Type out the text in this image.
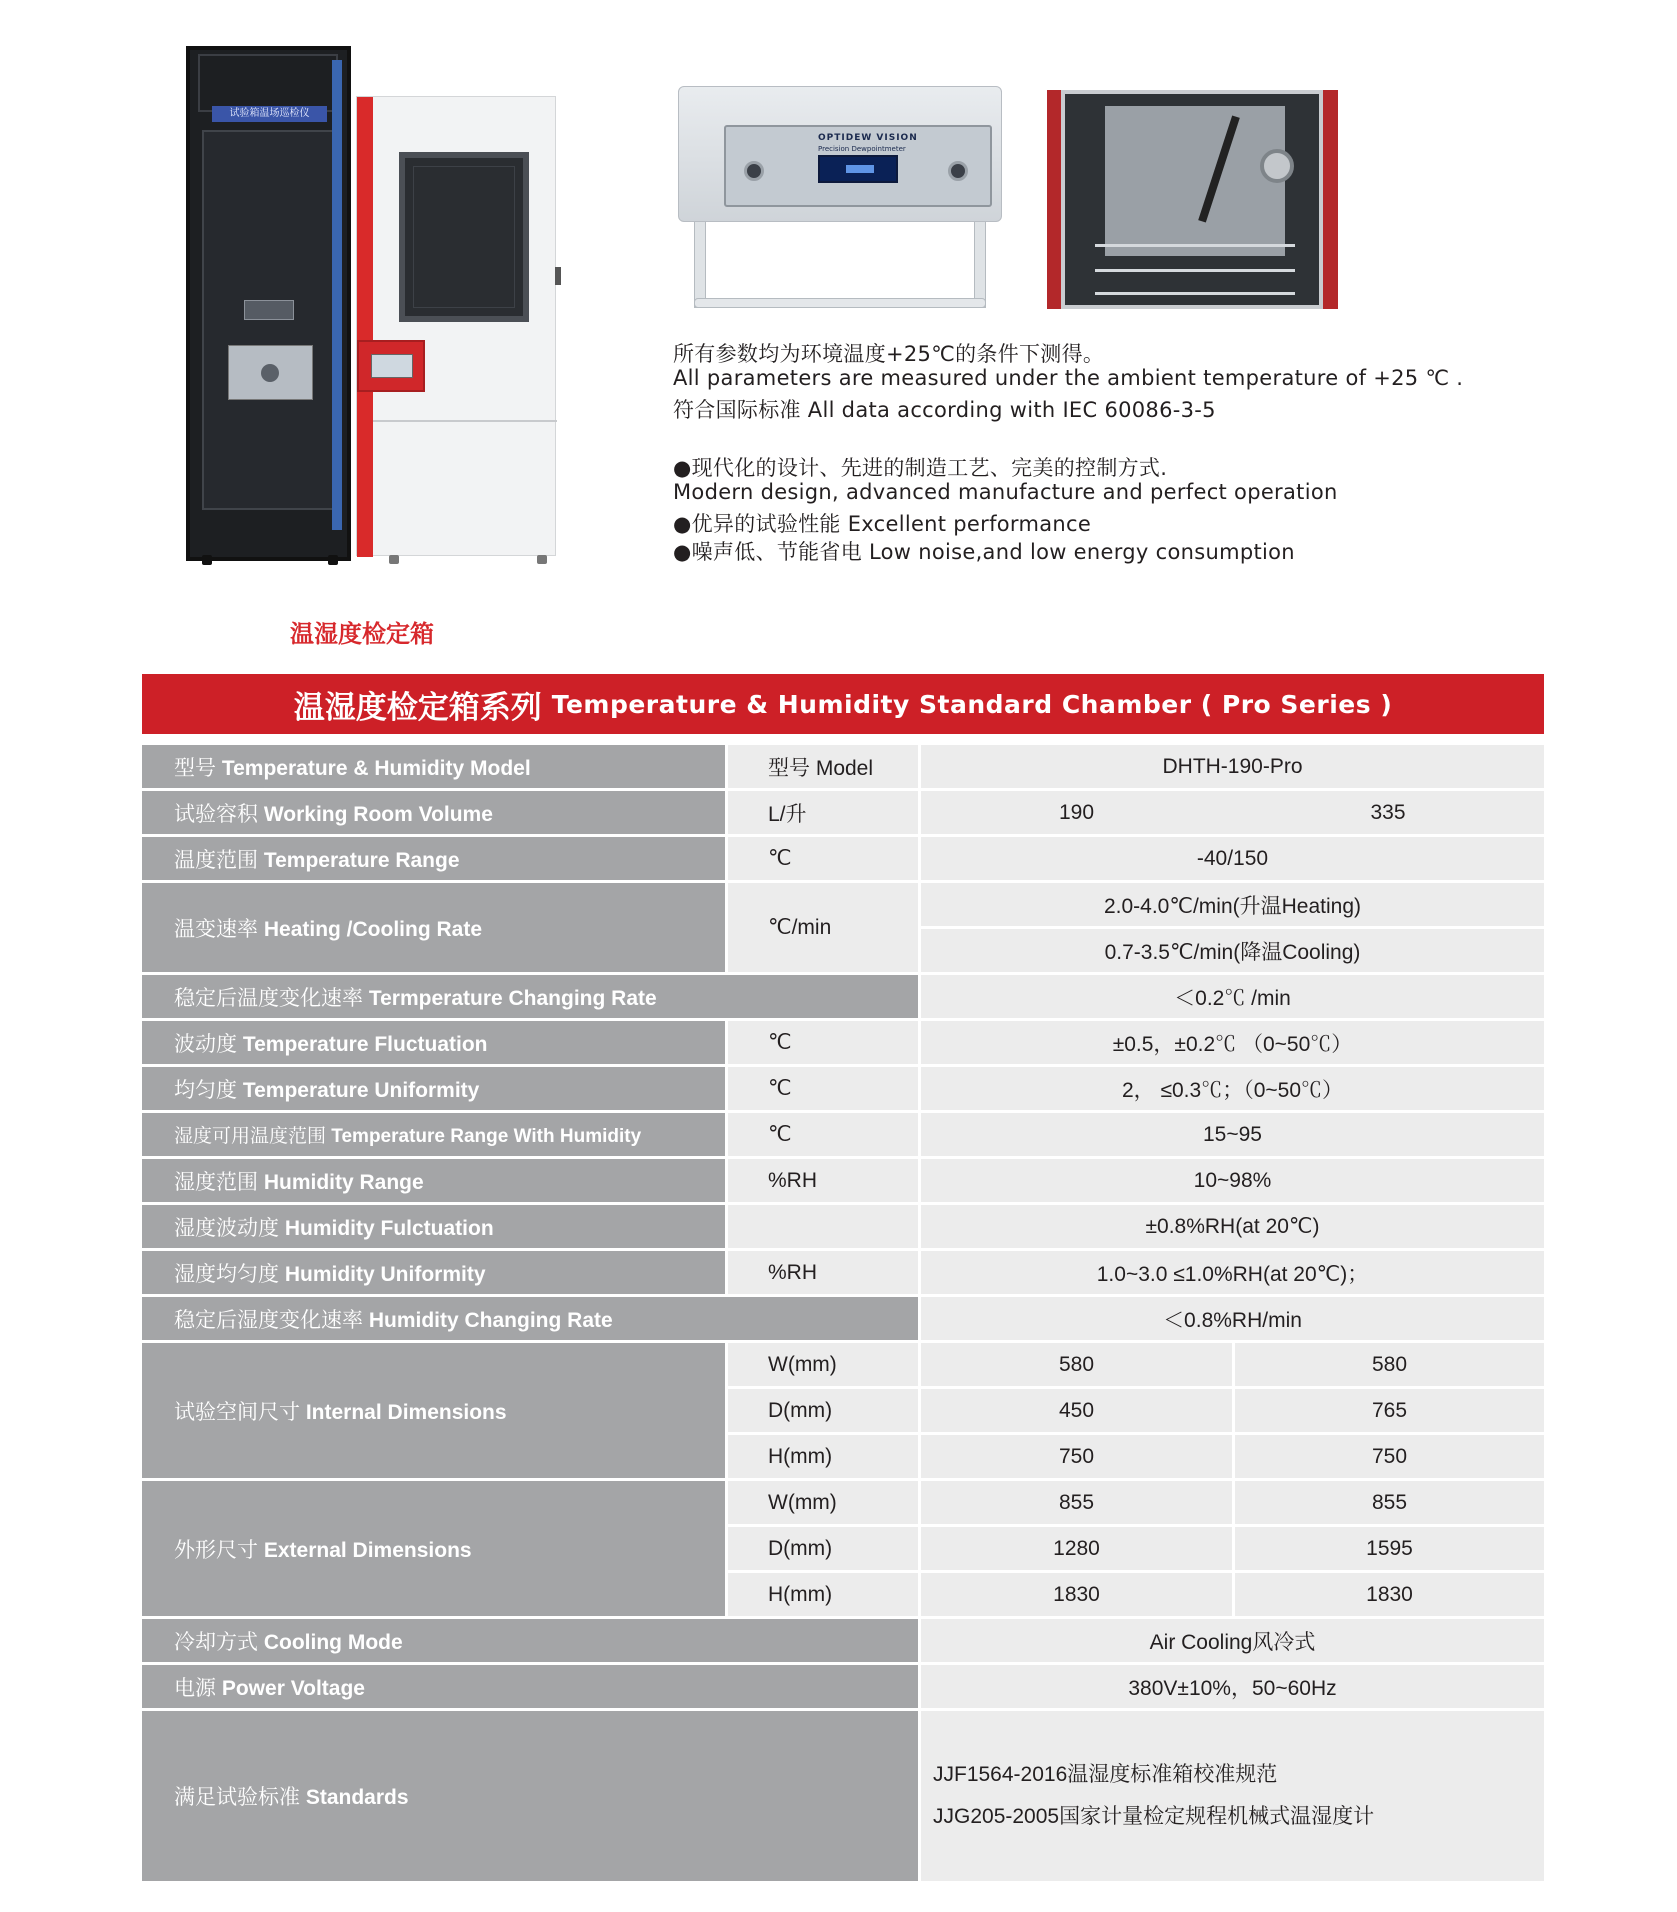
试验箱温场巡检仪
OPTIDEW VISION
Precision Dewpointmeter
所有参数均为环境温度+25℃的条件下测得。
All parameters are measured under the ambient temperature of +25 ℃ .
符合国际标准 All data according with IEC 60086-3-5
●现代化的设计、先进的制造工艺、完美的控制方式.
Modern design, advanced manufacture and perfect operation
●优异的试验性能 Excellent performance
●噪声低、节能省电 Low noise,and low energy consumption
温湿度检定箱
温湿度检定箱系列 Temperature & Humidity Standard Chamber ( Pro Series )
型号 Temperature & Humidity Model	型号 Model	DHTH-190-Pro	
试验容积 Working Room Volume	L/升	190	335
温度范围 Temperature Range	℃	-40/150	
温变速率 Heating /Cooling Rate	℃/min	2.0-4.0℃/min(升温Heating)	
		0.7-3.5℃/min(降温Cooling)	
稳定后温度变化速率 Termperature Changing Rate		＜0.2℃ /min	
波动度 Temperature Fluctuation	℃	±0.5，±0.2℃ （0~50℃）	
均匀度 Temperature Uniformity	℃	2， ≤0.3℃；（0~50℃）	
湿度可用温度范围 Temperature Range With Humidity	℃	15~95	
湿度范围 Humidity Range	%RH	10~98%	
湿度波动度 Humidity Fulctuation		±0.8%RH(at 20℃)	
湿度均匀度 Humidity Uniformity	%RH	1.0~3.0 ≤1.0%RH(at 20℃)；	
稳定后湿度变化速率 Humidity Changing Rate		＜0.8%RH/min	
试验空间尺寸 Internal Dimensions	W(mm)	580	580
	D(mm)	450	765
	H(mm)	750	750
外形尺寸 External Dimensions	W(mm)	855	855
	D(mm)	1280	1595
	H(mm)	1830	1830
冷却方式 Cooling Mode		Air Cooling风冷式	
电源 Power Voltage		380V±10%，50~60Hz	
满足试验标准 Standards		JJF1564-2016温湿度标准箱校准规范
JJG205-2005国家计量检定规程机械式温湿度计	
